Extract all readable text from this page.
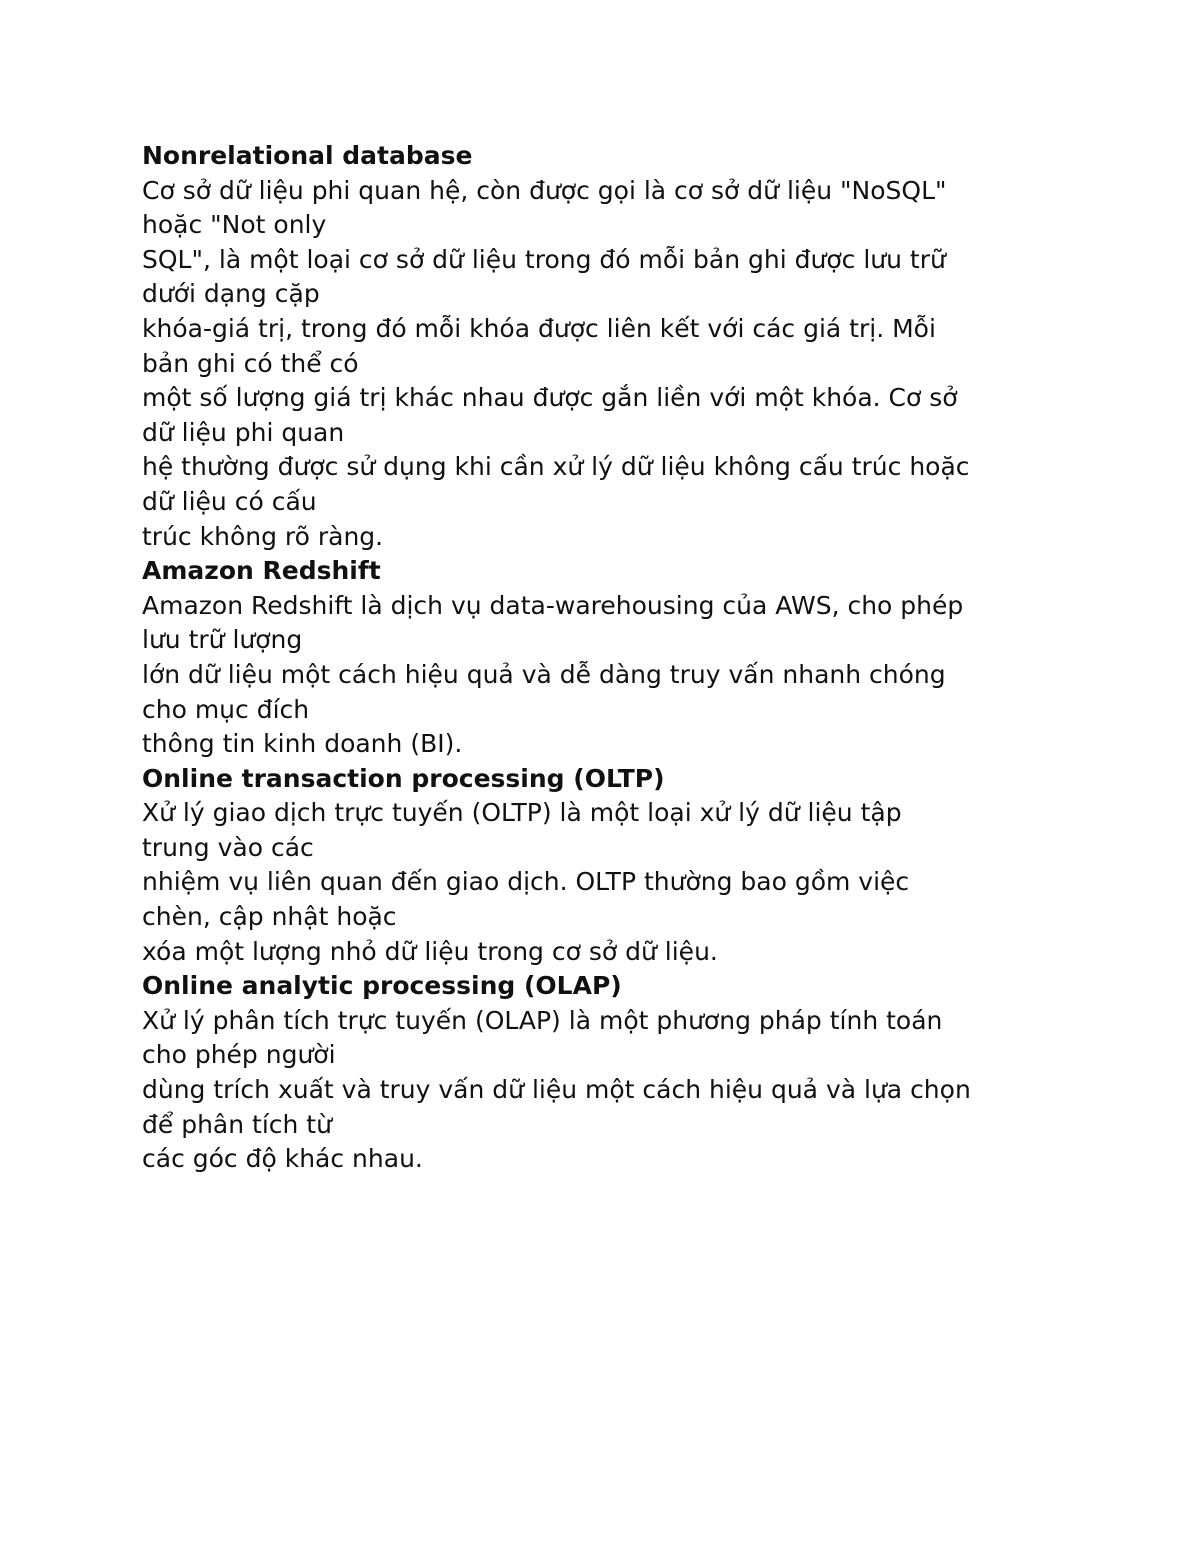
Nonrelational database
Cơ sở dữ liệu phi quan hệ, còn được gọi là cơ sở dữ liệu "NoSQL"
hoặc "Not only
SQL", là một loại cơ sở dữ liệu trong đó mỗi bản ghi được lưu trữ
dưới dạng cặp
khóa-giá trị, trong đó mỗi khóa được liên kết với các giá trị. Mỗi
bản ghi có thể có
một số lượng giá trị khác nhau được gắn liền với một khóa. Cơ sở
dữ liệu phi quan
hệ thường được sử dụng khi cần xử lý dữ liệu không cấu trúc hoặc
dữ liệu có cấu
trúc không rõ ràng.
Amazon Redshift
Amazon Redshift là dịch vụ data-warehousing của AWS, cho phép
lưu trữ lượng
lớn dữ liệu một cách hiệu quả và dễ dàng truy vấn nhanh chóng
cho mục đích
thông tin kinh doanh (BI).
Online transaction processing (OLTP)
Xử lý giao dịch trực tuyến (OLTP) là một loại xử lý dữ liệu tập
trung vào các
nhiệm vụ liên quan đến giao dịch. OLTP thường bao gồm việc
chèn, cập nhật hoặc
xóa một lượng nhỏ dữ liệu trong cơ sở dữ liệu.
Online analytic processing (OLAP)
Xử lý phân tích trực tuyến (OLAP) là một phương pháp tính toán
cho phép người
dùng trích xuất và truy vấn dữ liệu một cách hiệu quả và lựa chọn
để phân tích từ
các góc độ khác nhau.
